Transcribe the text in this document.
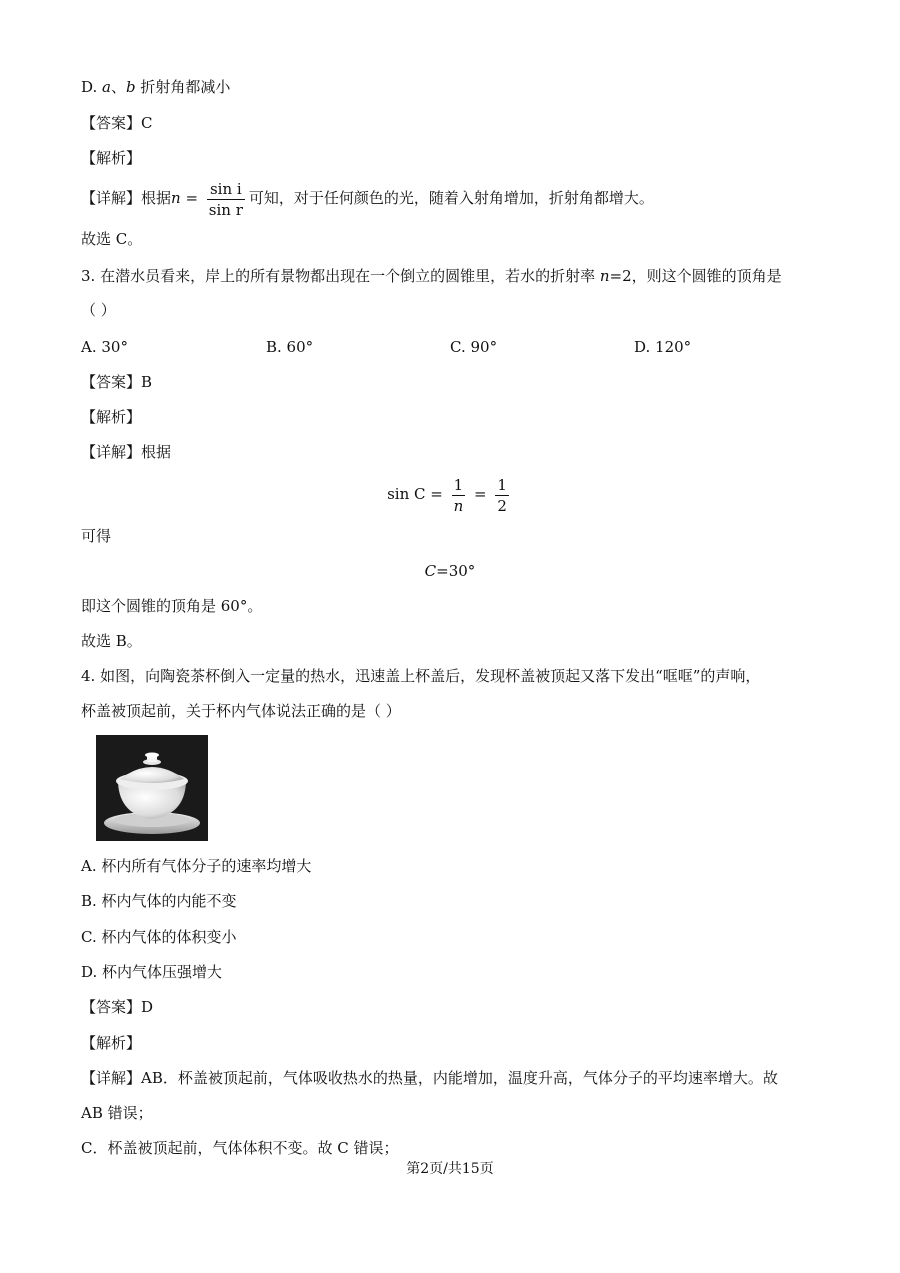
D. a、b 折射角都减小
【答案】C
【解析】
【详解】根据$n = \frac{\text{sin i}}{\text{sin r}}$ 可知，对于任何颜色的光，随着入射角增加，折射角都增大。
故选 C。
3. 在潜水员看来，岸上的所有景物都出现在一个倒立的圆锥里，若水的折射率 n=2，则这个圆锥的顶角是
（ ）
A. 30°	B. 60°	C. 90°	D. 120°
【答案】B
【解析】
【详解】根据
$\sin C = \frac{1}{n} = \frac{1}{2}$
可得
C=30°
即这个圆锥的顶角是 60°。
故选 B。
4. 如图，向陶瓷茶杯倒入一定量的热水，迅速盖上杯盖后，发现杯盖被顶起又落下发出“哐哐”的声响，
杯盖被顶起前，关于杯内气体说法正确的是（ ）
A. 杯内所有气体分子的速率均增大
B. 杯内气体的内能不变
C. 杯内气体的体积变小
D. 杯内气体压强增大
【答案】D
【解析】
【详解】AB．杯盖被顶起前，气体吸收热水的热量，内能增加，温度升高，气体分子的平均速率增大。故
AB 错误；
C．杯盖被顶起前，气体体积不变。故 C 错误；
第2页/共15页
